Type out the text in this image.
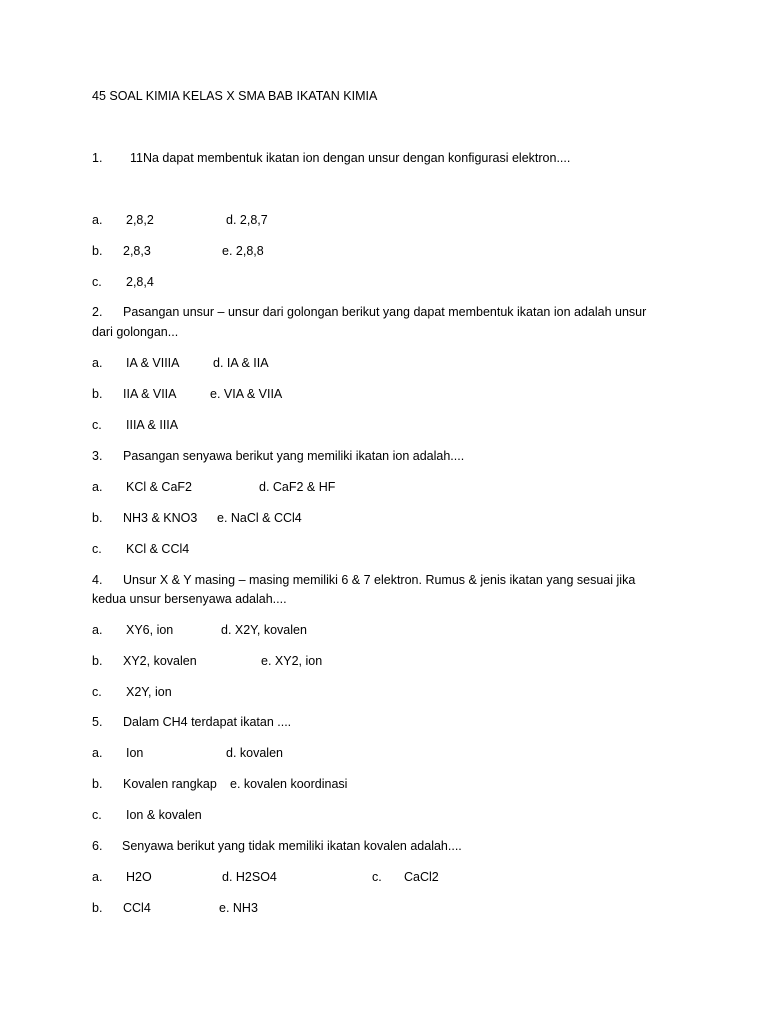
45 SOAL KIMIA KELAS X SMA BAB IKATAN KIMIA
1. 11Na dapat membentuk ikatan ion dengan unsur dengan konfigurasi elektron....
a. 2,8,2	d. 2,8,7
b. 2,8,3	e. 2,8,8
c. 2,8,4
2. Pasangan unsur – unsur dari golongan berikut yang dapat membentuk ikatan ion adalah unsur
dari golongan...
a. IA & VIIIA	d. IA & IIA
b. IIA & VIIA	e. VIA & VIIA
c. IIIA & IIIA
3. Pasangan senyawa berikut yang memiliki ikatan ion adalah....
a. KCl & CaF2	d. CaF2 & HF
b. NH3 & KNO3 e. NaCl & CCl4
c. KCl & CCl4
4. Unsur X & Y masing – masing memiliki 6 & 7 elektron. Rumus & jenis ikatan yang sesuai jika
kedua unsur bersenyawa adalah....
a. XY6, ion	d. X2Y, kovalen
b. XY2, kovalen	e. XY2, ion
c. X2Y, ion
5. Dalam CH4 terdapat ikatan ....
a. Ion	d. kovalen
b. Kovalen rangkap e. kovalen koordinasi
c. Ion & kovalen
6. Senyawa berikut yang tidak memiliki ikatan kovalen adalah....
a. H2O	d. H2SO4	c. CaCl2
b. CCl4	e. NH3
